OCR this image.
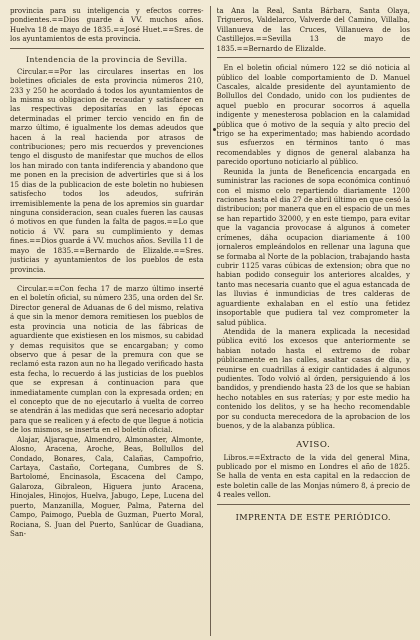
provincia para su inteligencia y efectos corres-pondientes.==Dios guarde á VV. muchos años. Huelva 18 de mayo de 1835.==José Huet.==Sres. de los ayuntamientos de esta provincia.

Intendencia de la provincia de Sevilla.

Circular.==Por las circulares insertas en los boletines oficiales de esta provincia números 210, 233 y 250 he acordado á todos los ayuntamientos de la misma su obligacion de recaudar y satisfacer en las respectivas depositarías en las épocas determinadas el primer tercio vencido en fin de marzo último, é igualmente los demas adeudos que hacen á la real hacienda por atrasos de contribuciones; pero mis recuerdos y prevenciones tengo el disgusto de manifestar que muchos de ellos los han mirado con tanta indiferencia y abandono que me ponen en la precision de advertirles que si á los 15 dias de la publicacion de este boletin no hubiesen satisfecho todos los adeudos, sufrirán irremisiblemente la pena de los apremios sin guardar ninguna consideracion, sean cuales fueren las causas ó motivos en que funden la falta de pagos.==Lo que noticio á VV. para su cumplimiento y demas fines.==Dios guarde á VV. muchos años. Sevilla 11 de mayo de 1835.==Bernardo de Elizalde.==Sres. justicias y ayuntamientos de los pueblos de esta provincia.

Circular.==Con fecha 17 de marzo último inserté en el boletín oficial, su número 235, una orden del Sr. Director general de Aduanas de 6 del mismo, relativa á que sin la menor demora remitiesen los pueblos de esta provincia una noticia de las fábricas de aguardiente que existiesen en los mismos, su cabidad y demas requisitos que se encargaban; y como observo que á pesar de la premura con que se reclamó esta razon aun no ha llegado verificado hasta esta fecha, lo recuerdo á las justicias de los pueblos que se expresan á continuacion para que inmediatamente cumplan con la expresada orden; en el concepto que de no ejecutarlo á vuelta de correo se atendrán á las medidas que será necesario adoptar para que se realicen y á efecto de que llegue á noticia de los mismos, se inserta en el boletín oficial.

Alajar, Aljaraque, Almendro, Almonaster, Almonte, Alosno, Aracena, Aroche, Beas, Bollullos del Condado, Bonares, Cala, Calañas, Campofrio, Cartaya, Castaño, Cortegana, Cumbres de S. Bartolomé, Encinasola, Escacena del Campo, Galaroza, Gibraleon, Higuera junto Aracena, Hinojales, Hinojos, Huelva, Jabugo, Lepe, Lucena del puerto, Manzanilla, Moguer, Palma, Paterna del Campo, Paimogo, Puebla de Guzman, Puerto Moral, Rociana, S. Juan del Puerto, Sanlúcar de Guadiana, San-

ta Ana la Real, Santa Bárbara, Santa Olaya, Trigueros, Valdelarco, Valverde del Camino, Villalba, Villanueva de las Cruces, Villanueva de los Castillejos.==Sevilla 13 de mayo de 1835.==Bernardo de Elizalde.

En el boletin oficial número 122 se dió noticia al público del loable comportamiento de D. Manuel Cascales, alcalde presidente del ayuntamiento de Bollullos del Condado, unido con los pudientes de aquel pueblo en procurar socorros á aquella indigente y menesterosa poblacion en la calamidad pública que ó motivo de la sequía y alto precio del trigo se ha experimentado; mas habiendo acordado sus esfuerzos en términos tanto ó mas recomendables y dignos de general alabanza ha parecido oportuno noticiarlo al público.

Reunida la junta de Beneficencia encargada en suministrar las raciones de sopa económica continuó con el mismo celo repartiendo diariamente 1200 raciones hasta el dia 27 de abril último en que cesó la distribucion; por manera que en el espacio de un mes se han repartido 32000, y en este tiempo, para evitar que la vagancia provocase á algunos á cometer crímenes, dáha ocupacion diariamente á 100 jornaleros empleándolos en rellenar una laguna que se formaba al Norte de la poblacion, trabajando hasta cubrir 1125 varas cúbicas de extension; obra que no habian podido conseguir los anteriores alcaldes, y tanto mas necesaria cuanto que el agua estancada de las lluvias é inmundicias de tres calderas de aguardiente exhalaban en el estío una fetidez insoportable que pudiera tal vez comprometer la salud pública.

Atendida de la manera explicada la necesidad pública evitó los excesos que anteriormente se habian notado hasta el extremo de robar públicamente en las calles, asaltar casas de dia, y reunirse en cuadrillas á exigir cantidades á algunos pudientes. Todo volvió al órden, persiguiendo á los bandidos, y prendiendo hasta 23 de los que se habian hecho notables en sus raterías; y por este medio ha contenido los delitos, y se ha hecho recomendable por su conducta merecedora de la aprobacion de los buenos, y de la alabanza pública.

AVISO.

Libros.==Extracto de la vida del general Mina, publicado por el mismo en Londres el año de 1825. Se halla de venta en esta capital en la redaccion de este boletin calle de las Monjas número 8, á precio de 4 reales vellon.

IMPRENTA DE ESTE PERIÓDICO.
